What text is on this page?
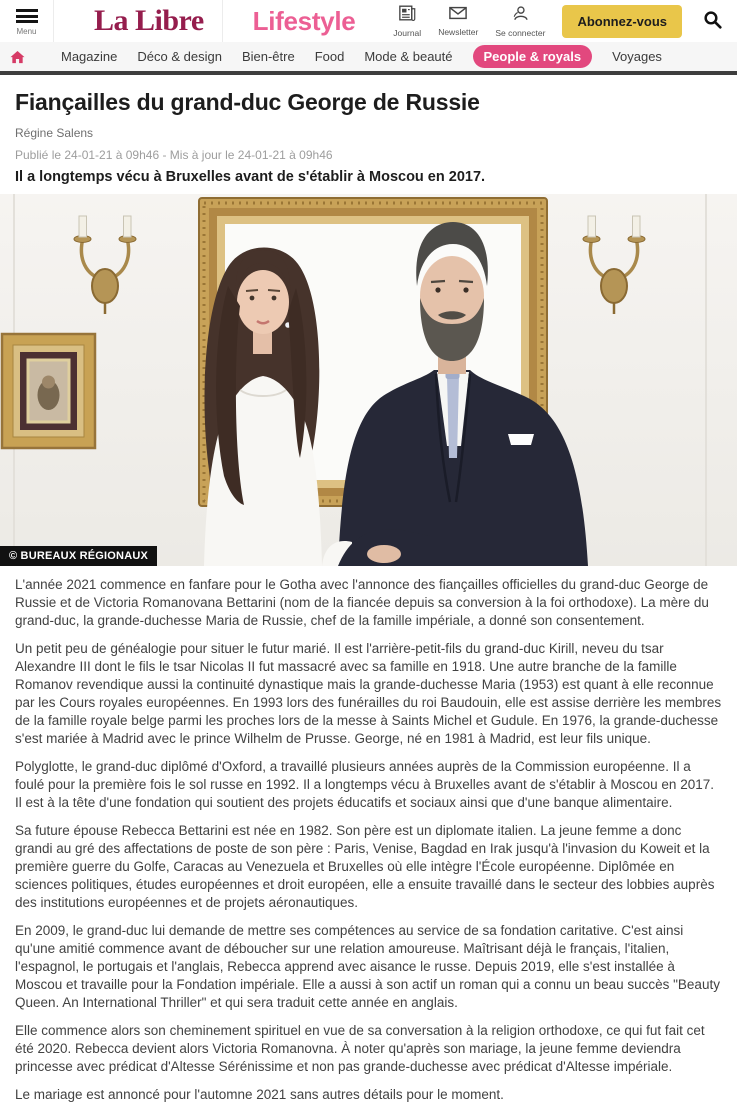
Menu La Libre Lifestyle	Journal Newsletter Se connecter
Abonnez-vous
Magazine Déco & design Bien-être Food Mode & beauté	People & royals	Voyages
Fiançailles du grand-duc George de Russie
Régine Salens
Publié le 24-01-21 à 09h46 - Mis à jour le 24-01-21 à 09h46
Il a longtemps vécu à Bruxelles avant de s'établir à Moscou en 2017.
© BUREAUX RÉGIONAUX

L'année 2021 commence en fanfare pour le Gotha avec l'annonce des fiançailles officielles du grand-duc George de Russie et de Victoria Romanovana Bettarini (nom de la fiancée depuis sa conversion à la foi orthodoxe). La mère du grand-duc, la grande-duchesse Maria de Russie, chef de la famille impériale, a donné son consentement.

Un petit peu de généalogie pour situer le futur marié. Il est l'arrière-petit-fils du grand-duc Kirill, neveu du tsar Alexandre III dont le fils le tsar Nicolas II fut massacré avec sa famille en 1918. Une autre branche de la famille Romanov revendique aussi la continuité dynastique mais la grande-duchesse Maria (1953) est quant à elle reconnue par les Cours royales européennes. En 1993 lors des funérailles du roi Baudouin, elle est assise derrière les membres de la famille royale belge parmi les proches lors de la messe à Saints Michel et Gudule. En 1976, la grande-duchesse s'est mariée à Madrid avec le prince Wilhelm de Prusse. George, né en 1981 à Madrid, est leur fils unique.

Polyglotte, le grand-duc diplômé d'Oxford, a travaillé plusieurs années auprès de la Commission européenne. Il a foulé pour la première fois le sol russe en 1992. Il a longtemps vécu à Bruxelles avant de s'établir à Moscou en 2017. Il est à la tête d'une fondation qui soutient des projets éducatifs et sociaux ainsi que d'une banque alimentaire.

Sa future épouse Rebecca Bettarini est née en 1982. Son père est un diplomate italien. La jeune femme a donc grandi au gré des affectations de poste de son père : Paris, Venise, Bagdad en Irak jusqu'à l'invasion du Koweit et la première guerre du Golfe, Caracas au Venezuela et Bruxelles où elle intègre l'École européenne. Diplômée en sciences politiques, études européennes et droit européen, elle a ensuite travaillé dans le secteur des lobbies auprès des institutions européennes et de projets aéronautiques.

En 2009, le grand-duc lui demande de mettre ses compétences au service de sa fondation caritative. C'est ainsi qu'une amitié commence avant de déboucher sur une relation amoureuse. Maîtrisant déjà le français, l'italien, l'espagnol, le portugais et l'anglais, Rebecca apprend avec aisance le russe. Depuis 2019, elle s'est installée à Moscou et travaille pour la Fondation impériale. Elle a aussi à son actif un roman qui a connu un beau succès "Beauty Queen. An International Thriller" et qui sera traduit cette année en anglais.

Elle commence alors son cheminement spirituel en vue de sa conversation à la religion orthodoxe, ce qui fut fait cet été 2020. Rebecca devient alors Victoria Romanovna. À noter qu'après son mariage, la jeune femme deviendra princesse avec prédicat d'Altesse Sérénissime et non pas grande-duchesse avec prédicat d'Altesse impériale.

Le mariage est annoncé pour l'automne 2021 sans autres détails pour le moment.
